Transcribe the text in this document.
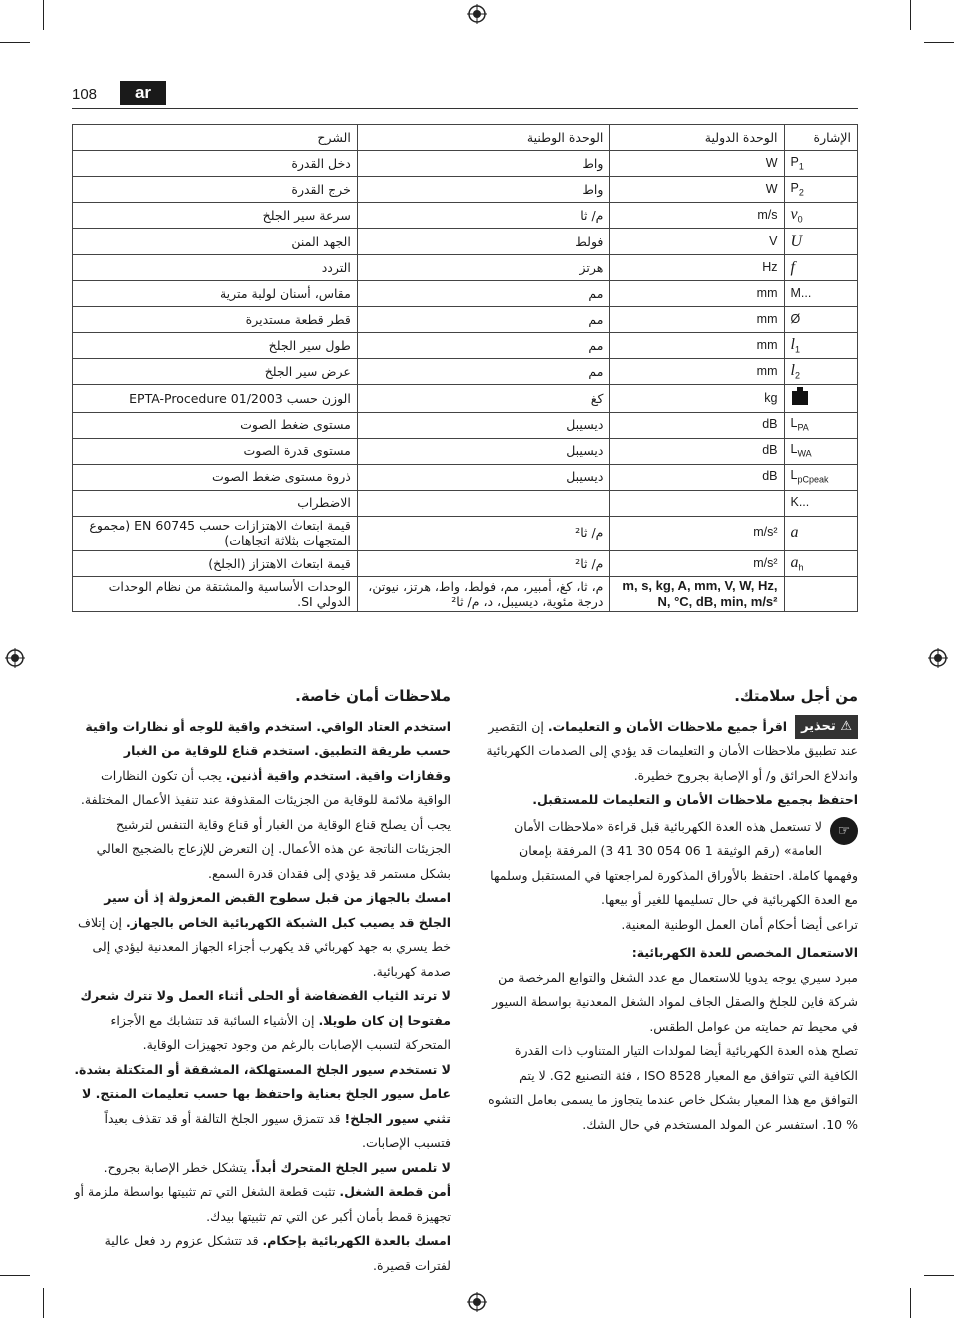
108	ar
الشرح	الوحدة الوطنية	الوحدة الدولية	الإشارة
دخل القدرة	واط	W	$P_1$
خرج القدرة	واط	W	$P_2$
سرعة سير الجلخ	م/ ثا	m/s	$v_0$
الجهد المنن	فولط	V	U
التردد	هرتز	Hz	f
مقاس، أسنان لولبة مترية	مم	mm	M...
قطر قطعة مستديرة	مم	mm	Ø
طول سير الجلخ	مم	mm	$l_1$
عرض سير الجلخ	مم	mm	$l_2$
الوزن حسب EPTA-Procedure 01/2003	كغ	kg	
مستوى ضغط الصوت	ديسيبل	dB	$L_{PA}$
مستوى قدرة الصوت	ديسيبل	dB	$L_{WA}$
ذروة مستوى ضغط الصوت	ديسيبل	dB	$L_{pCpeak}$
الاضطراب			K...
قيمة ابتعاث الاهتزازات حسب EN 60745 (مجموع المتجهات بثلاثة اتجاهات)	م/ ثا²	m/s²	a
قيمة ابتعاث الاهتزاز (الجلخ)	م/ ثا²	m/s²	$a_h$
الوحدات الأساسية والمشتقة من نظام الوحدات الدولي SI.	م، ثا، كغ، أمبير، مم، فولط، واط، هرتز، نيوتن، درجة مئوية، ديسيبل، د، م/ ثا²	m, s, kg, A, mm, V, W, Hz, N, °C, dB, min, m/s²	

من أجل سلامتك.

⚠ تحذير
اقرأ جميع ملاحظات الأمان و التعليمات. إن التقصير عند تطبيق ملاحظات الأمان و التعليمات قد يؤدي إلى الصدمات الكهربائية واندلاع الحرائق و/ أو الإصابة بجروح خطيرة.

احتفظ بجميع ملاحظات الأمان و التعليمات للمستقبل.

☞
لا تستعمل هذه العدة الكهربائية قبل قراءة «ملاحظات الأمان العامة» (رقم الوثيقة 1 06 054 30 41 3) المرفقة بإمعان وفهمها كاملة. احتفظ بالأوراق المذكورة لمراجعتها في المستقبل وسلمها مع العدة الكهربائية في حال تسليمها للغير أو بيعها.

تراعى أيضا أحكام أمان العمل الوطنية المعنية.

الاستعمال المخصص للعدة الكهربائية:

مبرد سيري يوجه يدويا للاستعمال مع عدد الشغل والتوابع المرخصة من شركة فاين للجلخ والصقل الجاف لمواد الشغل المعدنية بواسطة السيور في محيط تم حمايته من عوامل الطقس.

تصلح هذه العدة الكهربائية أيضا لمولدات التيار المتناوب ذات القدرة الكافية التي تتوافق مع المعيار ISO 8528 ، فئة التصنيع G2. لا يتم التوافق مع هذا المعيار بشكل خاص عندما يتجاوز ما يسمى بعامل التشوه % 10. استفسر عن المولد المستخدم في حال الشك.

ملاحظات أمان خاصة.

استخدم العتاد الواقي. استخدم واقية للوجه أو نظارات واقية حسب طريقة التطبيق. استخدم قناع للوقاية من الغبار وقفازات واقية. استخدم واقية أذنين. يجب أن تكون النظارات الواقية ملائمة للوقاية من الجزيئات المقذوفة عند تنفيذ الأعمال المختلفة. يجب أن يصلح قناع الوقاية من الغبار أو قناع وقاية التنفس لترشيح الجزيئات الناتجة عن هذه الأعمال. إن التعرض للإزعاج بالضجيج العالي بشكل مستمر قد يؤدي إلى فقدان قدرة السمع.

امسك بالجهاز من قبل سطوح القبض المعزولة إذ أن سير الجلخ قد يصيب كبل الشبكة الكهربائية الخاص بالجهاز. إن إتلاف خط يسري به جهد كهربائي قد يكهرب أجزاء الجهاز المعدنية ليؤدي إلى صدمة كهربائية.

لا ترتد الثياب الفضفاضة أو الحلى أثناء العمل ولا تترك شعرك مفتوحا إن كان طويلا. إن الأشياء السائبة قد تتشابك مع الأجزاء المتحركة لتسبب الإصابات بالرغم من وجود تجهيزات الوقاية.

لا تستخدم سيور الجلخ المستهلكة، المشققة أو المتكتلة بشدة. عامل سيور الجلخ بعناية واحتفظ بها حسب تعليمات المنتج. لا تثني سيور الجلخ! قد تتمزق سيور الجلخ التالفة أو قد تقذف بعيداً فتسبب الإصابات.

لا تلمس سير الجلخ المتحرك أبداً. يتشكل خطر الإصابة بجروح.

أمن قطعة الشغل. تثبت قطعة الشغل التي تم تثبيتها بواسطة ملزمة أو تجهيزة قمط بأمان أكبر عن التي تم تثبيتها بيدك.

امسك بالعدة الكهربائية بإحكام. قد تتشكل عزوم رد فعل عالية لفترات قصيرة.
